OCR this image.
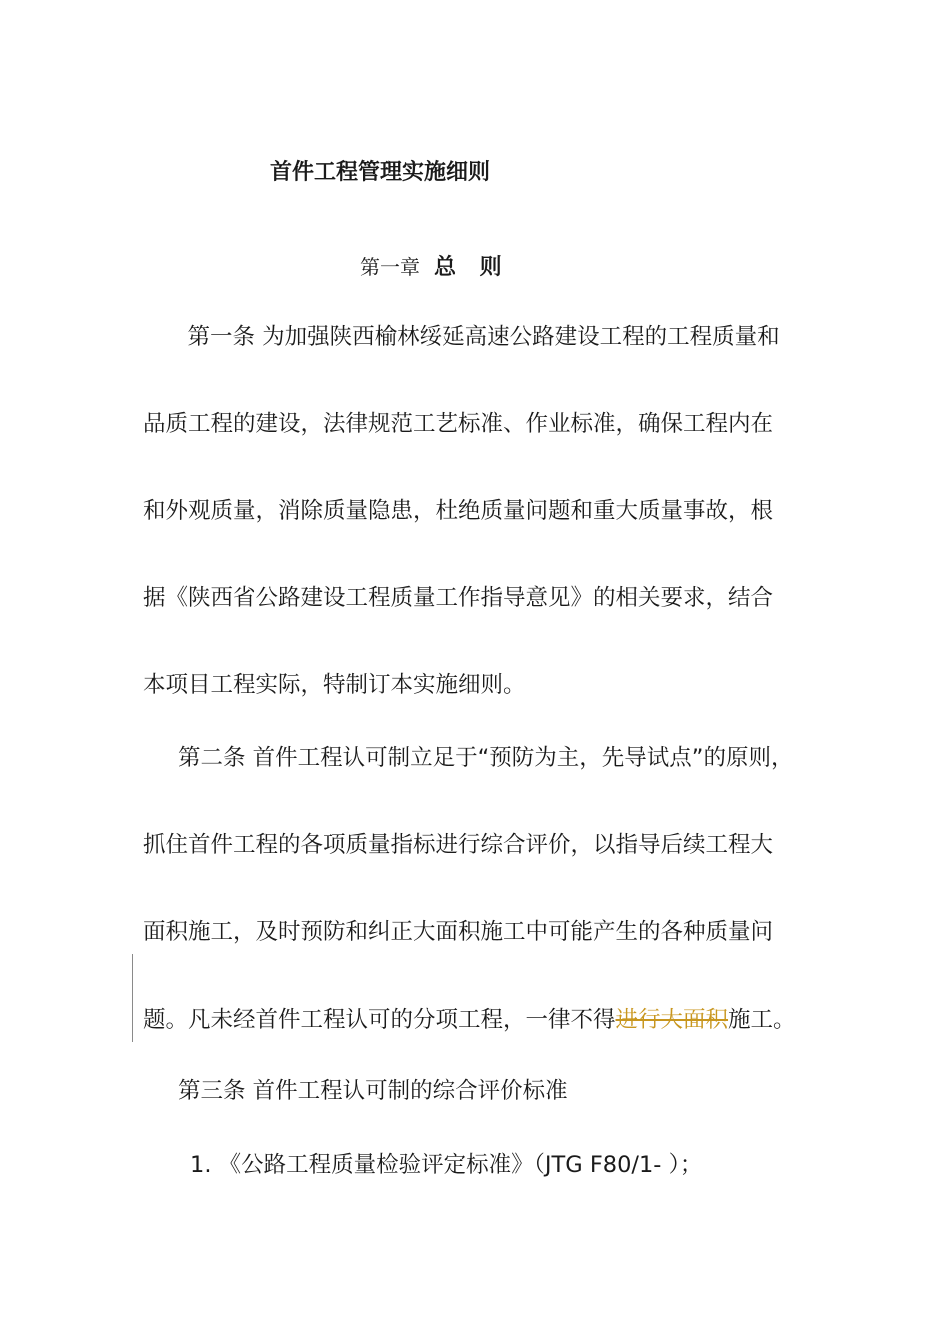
首件工程管理实施细则
第一章 总 则
　第一条 为加强陕西榆林绥延高速公路建设工程的工程质量和
品质工程的建设，法律规范工艺标准、作业标准，确保工程内在
和外观质量，消除质量隐患，杜绝质量问题和重大质量事故，根
据《陕西省公路建设工程质量工作指导意见》的相关要求，结合
本项目工程实际，特制订本实施细则。
第二条 首件工程认可制立足于“预防为主，先导试点”的原则，
抓住首件工程的各项质量指标进行综合评价，以指导后续工程大
面积施工，及时预防和纠正大面积施工中可能产生的各种质量问
题。凡未经首件工程认可的分项工程，一律不得进行大面积施工。
第三条 首件工程认可制的综合评价标准
1. 《公路工程质量检验评定标准》（JTG F80/1- ）；
